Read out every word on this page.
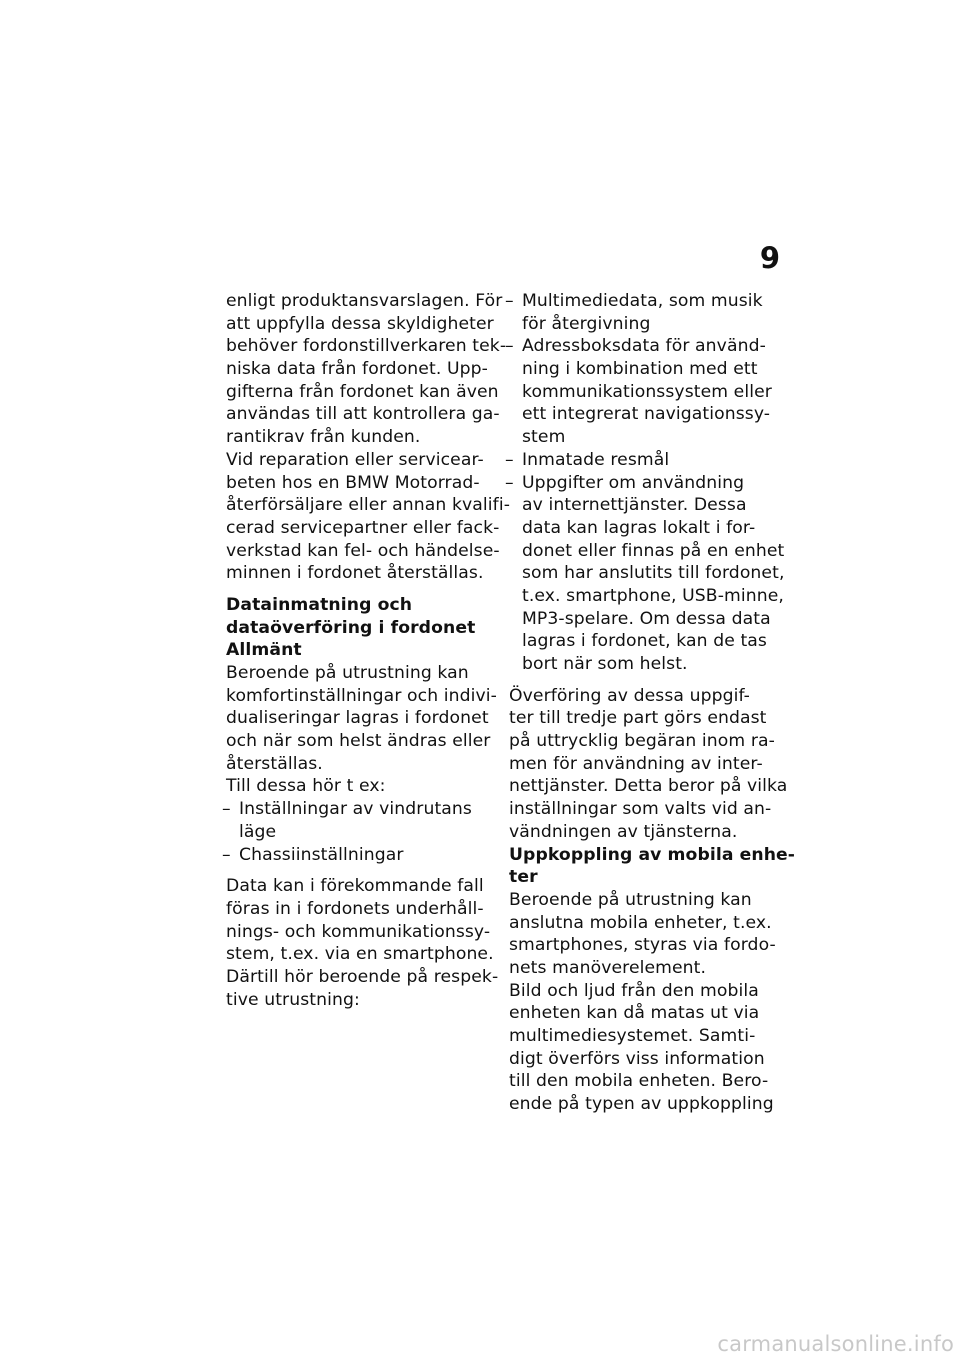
9
enligt produktansvarslagen. För
att uppfylla dessa skyldigheter
behöver fordonstillverkaren tek-
niska data från fordonet. Upp-
gifterna från fordonet kan även
användas till att kontrollera ga-
rantikrav från kunden.
Vid reparation eller servicear-
beten hos en BMW Motorrad-
återförsäljare eller annan kvalifi-
cerad servicepartner eller fack-
verkstad kan fel- och händelse-
minnen i fordonet återställas.
Datainmatning och
dataöverföring i fordonet
Allmänt
Beroende på utrustning kan
komfortinställningar och indivi-
dualiseringar lagras i fordonet
och när som helst ändras eller
återställas.
Till dessa hör t ex:
– Inställningar av vindrutans
läge
– Chassiinställningar
Data kan i förekommande fall
föras in i fordonets underhåll-
nings- och kommunikationssy-
stem, t.ex. via en smartphone.
Därtill hör beroende på respek-
tive utrustning:
– Multimediedata, som musik
för återgivning
– Adressboksdata för använd-
ning i kombination med ett
kommunikationssystem eller
ett integrerat navigationssy-
stem
– Inmatade resmål
– Uppgifter om användning
av internettjänster. Dessa
data kan lagras lokalt i for-
donet eller finnas på en enhet
som har anslutits till fordonet,
t.ex. smartphone, USB-minne,
MP3-spelare. Om dessa data
lagras i fordonet, kan de tas
bort när som helst.
Överföring av dessa uppgif-
ter till tredje part görs endast
på uttrycklig begäran inom ra-
men för användning av inter-
nettjänster. Detta beror på vilka
inställningar som valts vid an-
vändningen av tjänsterna.
Uppkoppling av mobila enhe-
ter
Beroende på utrustning kan
anslutna mobila enheter, t.ex.
smartphones, styras via fordo-
nets manöverelement.
Bild och ljud från den mobila
enheten kan då matas ut via
multimediesystemet. Samti-
digt överförs viss information
till den mobila enheten. Bero-
ende på typen av uppkoppling
carmanualsonline.info
